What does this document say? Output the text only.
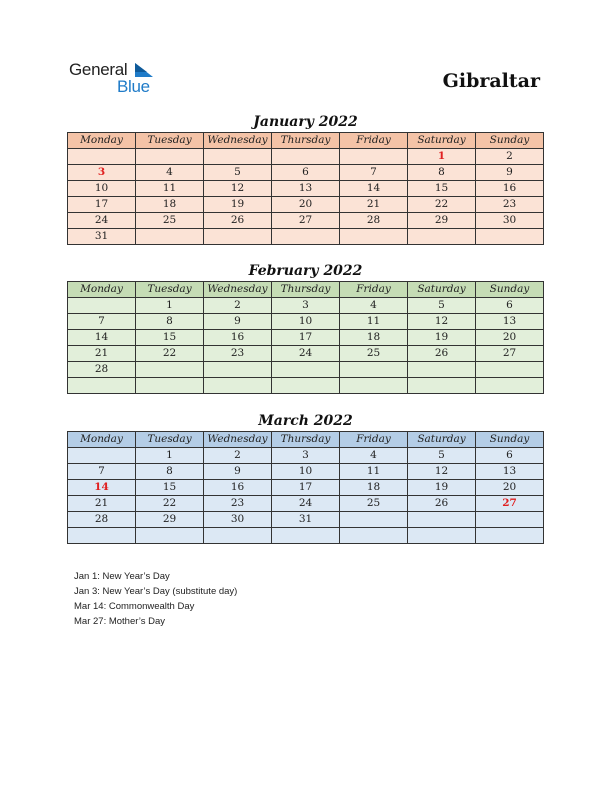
General
Blue	Gibraltar
January 2022
Monday	Tuesday	Wednesday	Thursday	Friday	Saturday	Sunday
					1	2
3	4	5	6	7	8	9
10	11	12	13	14	15	16
17	18	19	20	21	22	23
24	25	26	27	28	29	30
31						
February 2022
Monday	Tuesday	Wednesday	Thursday	Friday	Saturday	Sunday
	1	2	3	4	5	6
7	8	9	10	11	12	13
14	15	16	17	18	19	20
21	22	23	24	25	26	27
28						

March 2022
Monday	Tuesday	Wednesday	Thursday	Friday	Saturday	Sunday
	1	2	3	4	5	6
7	8	9	10	11	12	13
14	15	16	17	18	19	20
21	22	23	24	25	26	27
28	29	30	31			

Jan 1: New Year’s Day
Jan 3: New Year’s Day (substitute day)
Mar 14: Commonwealth Day
Mar 27: Mother’s Day
